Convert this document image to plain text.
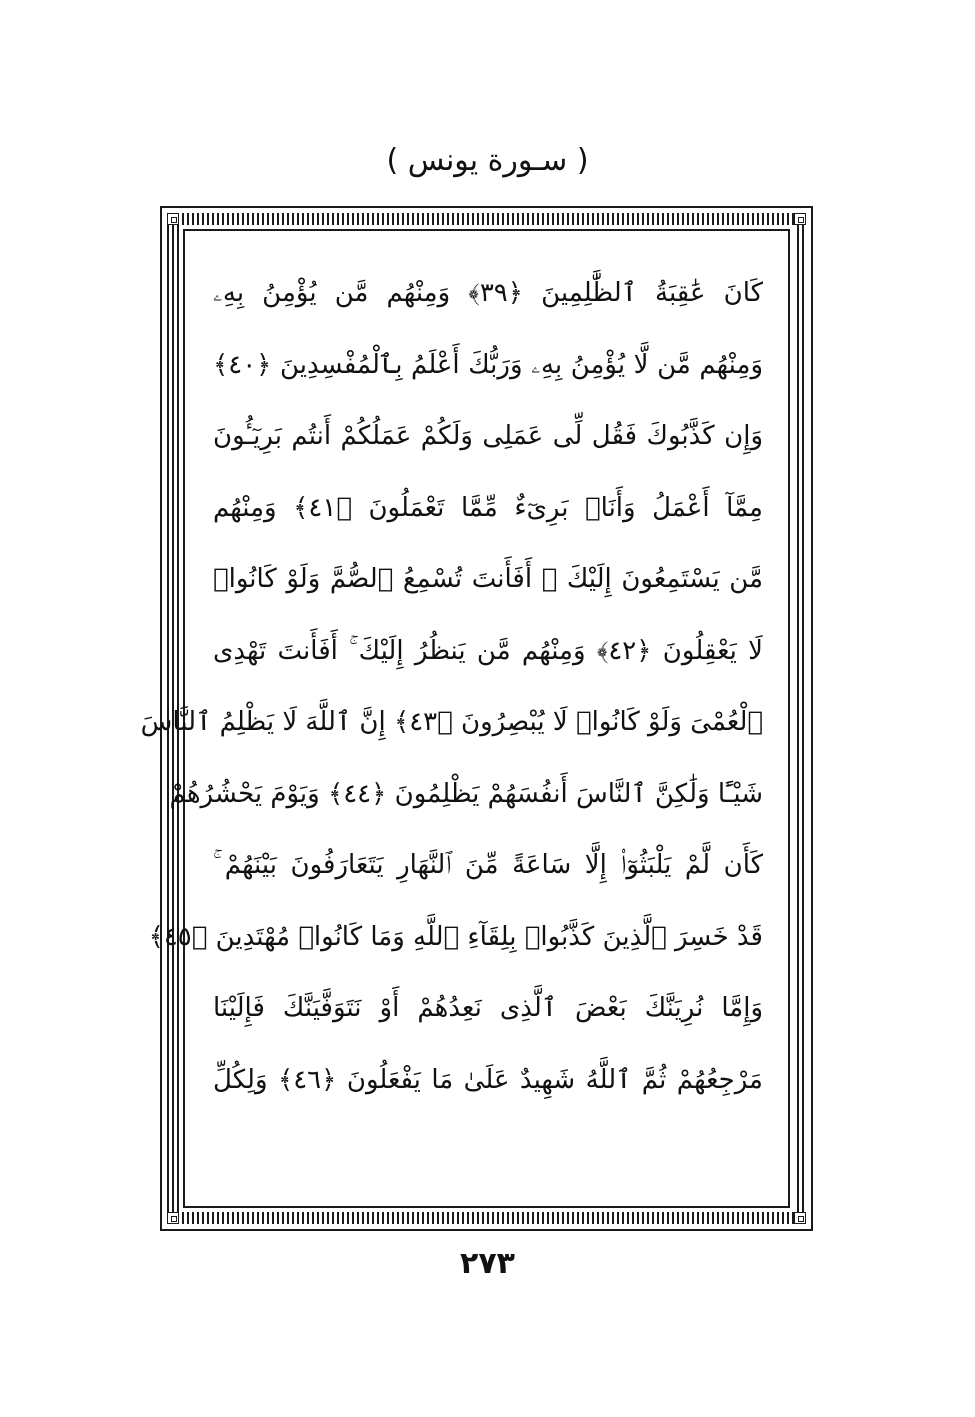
( سـورة يونس )
كَانَ عَٰقِبَةُ ٱلظَّٰلِمِينَ ﴿٣٩﴾ وَمِنْهُم مَّن يُؤْمِنُ بِهِۦ
وَمِنْهُم مَّن لَّا يُؤْمِنُ بِهِۦ وَرَبُّكَ أَعْلَمُ بِٱلْمُفْسِدِينَ ﴿٤٠﴾
وَإِن كَذَّبُوكَ فَقُل لِّى عَمَلِى وَلَكُمْ عَمَلُكُمْ أَنتُم بَرِيٓـُٔونَ
مِمَّآ أَعْمَلُ وَأَنَا۠ بَرِىٓءٌ مِّمَّا تَعْمَلُونَ ﴿٤١﴾ وَمِنْهُم
مَّن يَسْتَمِعُونَ إِلَيْكَ ۚ أَفَأَنتَ تُسْمِعُ ٱلصُّمَّ وَلَوْ كَانُوا۟
لَا يَعْقِلُونَ ﴿٤٢﴾ وَمِنْهُم مَّن يَنظُرُ إِلَيْكَ ۚ أَفَأَنتَ تَهْدِى
ٱلْعُمْىَ وَلَوْ كَانُوا۟ لَا يُبْصِرُونَ ﴿٤٣﴾ إِنَّ ٱللَّهَ لَا يَظْلِمُ ٱلنَّاسَ
شَيْـًٔا وَلَٰكِنَّ ٱلنَّاسَ أَنفُسَهُمْ يَظْلِمُونَ ﴿٤٤﴾ وَيَوْمَ يَحْشُرُهُمْ
كَأَن لَّمْ يَلْبَثُوٓا۟ إِلَّا سَاعَةً مِّنَ ٱلنَّهَارِ يَتَعَارَفُونَ بَيْنَهُمْ ۚ
قَدْ خَسِرَ ٱلَّذِينَ كَذَّبُوا۟ بِلِقَآءِ ٱللَّهِ وَمَا كَانُوا۟ مُهْتَدِينَ ﴿٤٥﴾
وَإِمَّا نُرِيَنَّكَ بَعْضَ ٱلَّذِى نَعِدُهُمْ أَوْ نَتَوَفَّيَنَّكَ فَإِلَيْنَا
مَرْجِعُهُمْ ثُمَّ ٱللَّهُ شَهِيدٌ عَلَىٰ مَا يَفْعَلُونَ ﴿٤٦﴾ وَلِكُلِّ
٢٧٣
